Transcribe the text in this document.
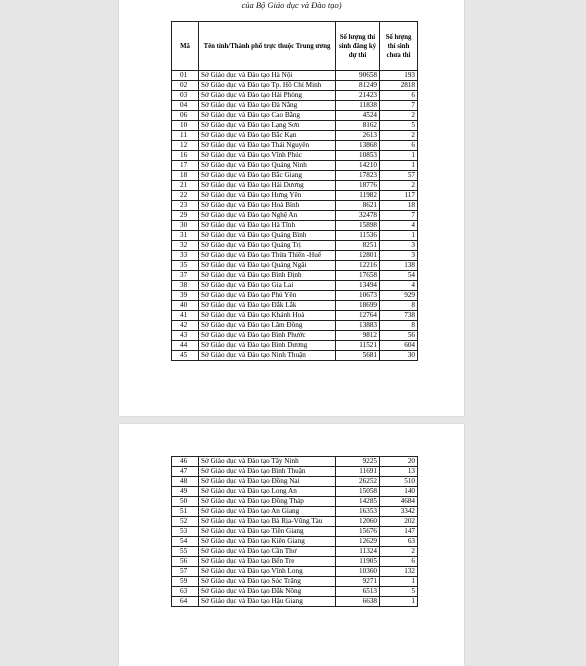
của Bộ Giáo dục và Đào tạo)
Mã	Tên tỉnh/Thành phố trực thuộc Trung ương	Số lượng thí sinh đăng ký dự thi	Số lượng thí sinh chưa thi
01	Sở Giáo dục và Đào tạo Hà Nội	90658	193
02	Sở Giáo dục và Đào tạo Tp. Hồ Chí Minh	81249	2818
03	Sở Giáo dục và Đào tạo Hải Phòng	21423	6
04	Sở Giáo dục và Đào tạo Đà Nẵng	11838	7
06	Sở Giáo dục và Đào tạo Cao Bằng	4524	2
10	Sở Giáo dục và Đào tạo Lạng Sơn	8162	5
11	Sở Giáo dục và Đào tạo Bắc Kạn	2613	2
12	Sở Giáo dục và Đào tạo Thái Nguyên	13868	6
16	Sở Giáo dục và Đào tạo Vĩnh Phúc	10853	1
17	Sở Giáo dục và Đào tạo Quảng Ninh	14210	1
18	Sở Giáo dục và Đào tạo Bắc Giang	17823	57
21	Sở Giáo dục và Đào tạo Hải Dương	18776	2
22	Sở Giáo dục và Đào tạo Hưng Yên	11982	117
23	Sở Giáo dục và Đào tạo Hoà Bình	8621	18
29	Sở Giáo dục và Đào tạo Nghệ An	32478	7
30	Sở Giáo dục và Đào tạo Hà Tĩnh	15898	4
31	Sở Giáo dục và Đào tạo Quảng Bình	11536	1
32	Sở Giáo dục và Đào tạo Quảng Trị	8251	3
33	Sở Giáo dục và Đào tạo Thừa Thiên -Huế	12801	3
35	Sở Giáo dục và Đào tạo Quảng Ngãi	12216	138
37	Sở Giáo dục và Đào tạo Bình Định	17658	54
38	Sở Giáo dục và Đào tạo Gia Lai	13494	4
39	Sở Giáo dục và Đào tạo Phú Yên	10673	929
40	Sở Giáo dục và Đào tạo Đắk Lắk	18699	8
41	Sở Giáo dục và Đào tạo Khánh Hoà	12764	738
42	Sở Giáo dục và Đào tạo Lâm Đồng	13883	8
43	Sở Giáo dục và Đào tạo Bình Phước	9812	56
44	Sở Giáo dục và Đào tạo Bình Dương	11521	604
45	Sở Giáo dục và Đào tạo Ninh Thuận	5681	30
46	Sở Giáo dục và Đào tạo Tây Ninh	9225	20
47	Sở Giáo dục và Đào tạo Bình Thuận	11691	13
48	Sở Giáo dục và Đào tạo Đồng Nai	26252	510
49	Sở Giáo dục và Đào tạo Long An	15058	140
50	Sở Giáo dục và Đào tạo Đồng Tháp	14285	4684
51	Sở Giáo dục và Đào tạo An Giang	16353	3342
52	Sở Giáo dục và Đào tạo Bà Rịa-Vũng Tàu	12060	202
53	Sở Giáo dục và Đào tạo Tiền Giang	15676	147
54	Sở Giáo dục và Đào tạo Kiên Giang	12629	63
55	Sở Giáo dục và Đào tạo Cần Thơ	11324	2
56	Sở Giáo dục và Đào tạo Bến Tre	11905	6
57	Sở Giáo dục và Đào tạo Vĩnh Long	10360	132
59	Sở Giáo dục và Đào tạo Sóc Trăng	9271	1
63	Sở Giáo dục và Đào tạo Đắk Nông	6513	5
64	Sở Giáo dục và Đào tạo Hậu Giang	6638	1
